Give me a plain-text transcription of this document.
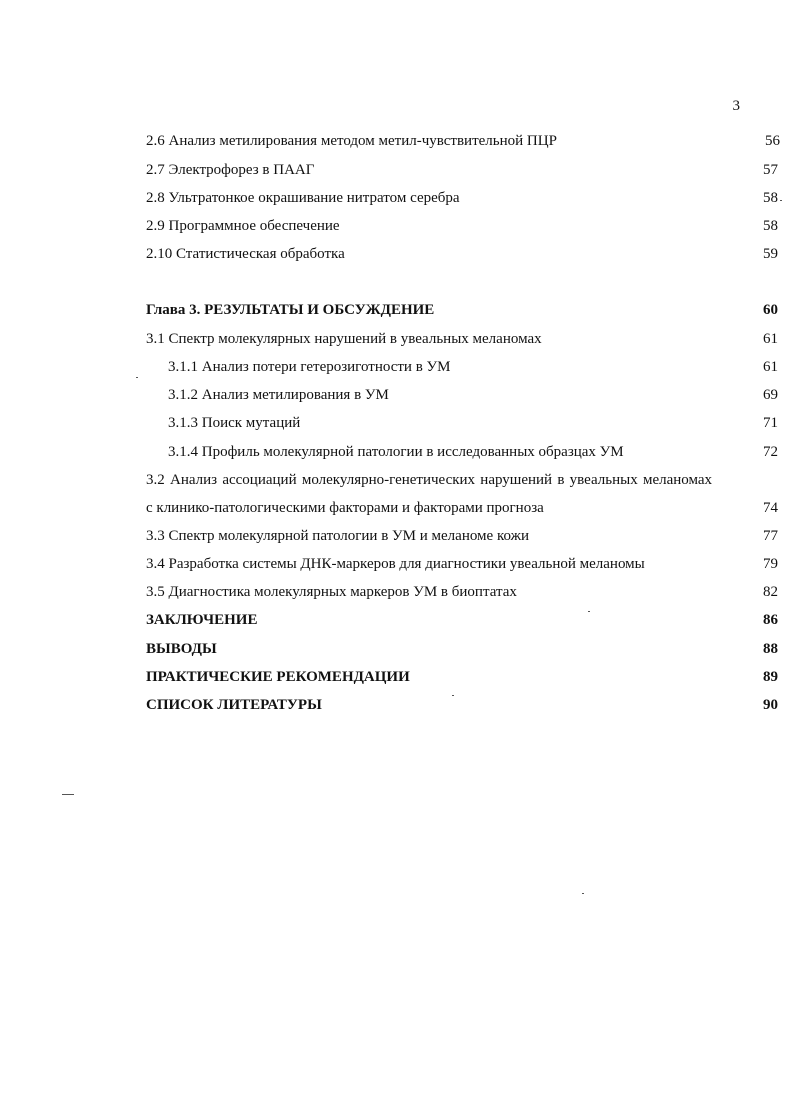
3
2.6 Анализ метилирования методом метил-чувствительной ПЦР	56
2.7 Электрофорез в ПААГ	57
2.8 Ультратонкое окрашивание нитратом серебра	58
2.9 Программное обеспечение	58
2.10 Статистическая обработка	59
Глава 3. РЕЗУЛЬТАТЫ И ОБСУЖДЕНИЕ	60
3.1 Спектр молекулярных нарушений в увеальных меланомах	61
3.1.1 Анализ потери гетерозиготности в УМ	61
3.1.2 Анализ метилирования в УМ	69
3.1.3 Поиск мутаций	71
3.1.4 Профиль молекулярной патологии в исследованных образцах УМ	72
3.2 Анализ ассоциаций молекулярно-генетических нарушений в увеальных меланомах
с клинико-патологическими факторами и факторами прогноза	74
3.3 Спектр молекулярной патологии в УМ и меланоме кожи	77
3.4 Разработка системы ДНК-маркеров для диагностики увеальной меланомы	79
3.5 Диагностика молекулярных маркеров УМ в биоптатах	82
ЗАКЛЮЧЕНИЕ	86
ВЫВОДЫ	88
ПРАКТИЧЕСКИЕ РЕКОМЕНДАЦИИ	89
СПИСОК ЛИТЕРАТУРЫ	90
